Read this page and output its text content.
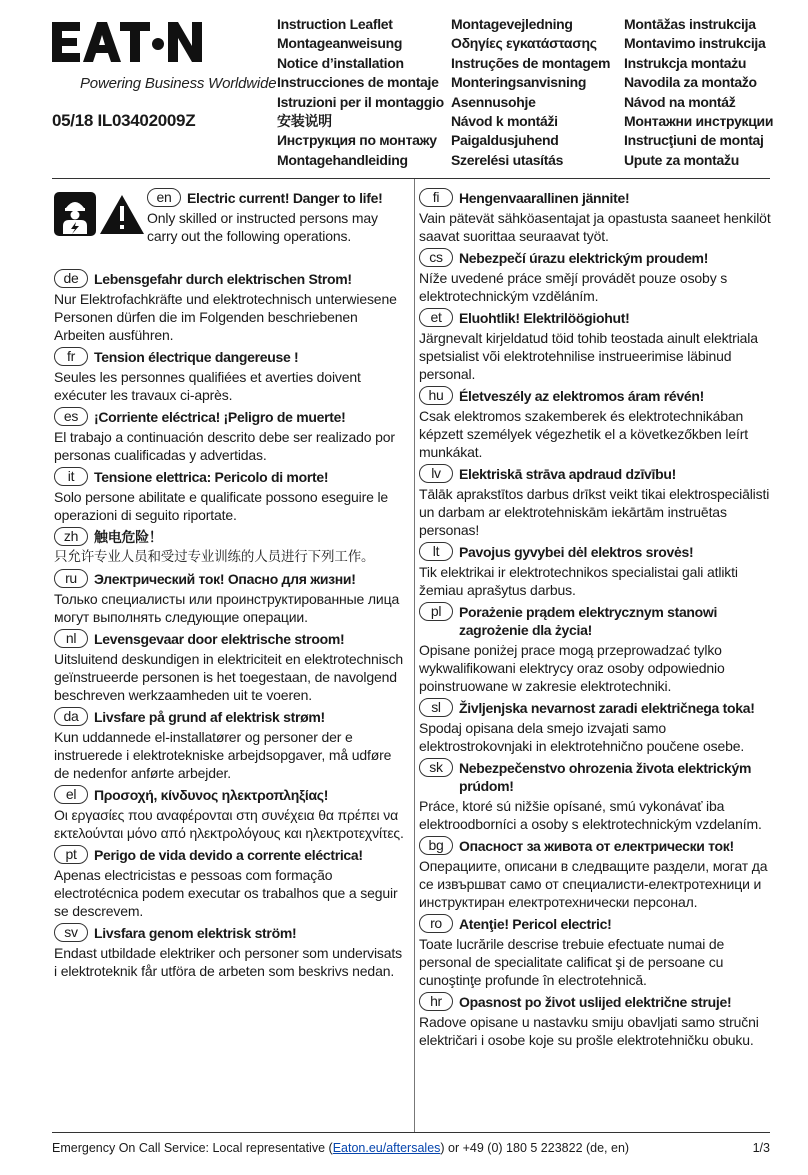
Powering Business Worldwide
05/18 IL03402009Z
Instruction Leaflet
Montageanweisung
Notice d’installation
Instrucciones de montaje
Istruzioni per il montaggio
安装说明
Инструкция по монтажу
Montagehandleiding
Montagevejledning
Οδηγίες εγκατάστασης
Instruções de montagem
Monteringsanvisning
Asennusohje
Návod k montáži
Paigaldusjuhend
Szerelési utasítás
Montāžas instrukcija
Montavimo instrukcija
Instrukcja montażu
Navodila za montažo
Návod na montáž
Монтажни инструкции
Instrucţiuni de montaj
Upute za montažu
en	Electric current! Danger to life!
Only skilled or instructed persons may carry out the following operations.
de	Lebensgefahr durch elektrischen Strom!
Nur Elektrofachkräfte und elektrotechnisch unterwiesene Personen dürfen die im Folgenden beschriebenen Arbeiten ausführen.
fr	Tension électrique dangereuse !
Seules les personnes qualifiées et averties doivent exécuter les travaux ci-après.
es	¡Corriente eléctrica! ¡Peligro de muerte!
El trabajo a continuación descrito debe ser realizado por personas cualificadas y advertidas.
it	Tensione elettrica: Pericolo di morte!
Solo persone abilitate e qualificate possono eseguire le operazioni di seguito riportate.
zh	触电危险！
只允许专业人员和受过专业训练的人员进行下列工作。
ru	Электрический ток! Опасно для жизни!
Только специалисты или проинструктированные лица могут выполнять следующие операции.
nl	Levensgevaar door elektrische stroom!
Uitsluitend deskundigen in elektriciteit en elektrotechnisch geïnstrueerde personen is het toegestaan, de navolgend beschreven werkzaamheden uit te voeren.
da	Livsfare på grund af elektrisk strøm!
Kun uddannede el-installatører og personer der e instruerede i elektrotekniske arbejdsopgaver, må udføre de nedenfor anførte arbejder.
el	Προσοχή, κίνδυνος ηλεκτροπληξίας!
Οι εργασίες που αναφέρονται στη συνέχεια θα πρέπει να εκτελούνται μόνο από ηλεκτρολόγους και ηλεκτροτεχνίτες.
pt	Perigo de vida devido a corrente eléctrica!
Apenas electricistas e pessoas com formação electrotécnica podem executar os trabalhos que a seguir se descrevem.
sv	Livsfara genom elektrisk ström!
Endast utbildade elektriker och personer som undervisats i elektroteknik får utföra de arbeten som beskrivs nedan.
fi	Hengenvaarallinen jännite!
Vain pätevät sähköasentajat ja opastusta saaneet henkilöt saavat suorittaa seuraavat työt.
cs	Nebezpečí úrazu elektrickým proudem!
Níže uvedené práce smějí provádět pouze osoby s elektrotechnickým vzděláním.
et	Eluohtlik! Elektrilöögiohut!
Järgnevalt kirjeldatud töid tohib teostada ainult elektriala spetsialist või elektrotehnilise instrueerimise läbinud personal.
hu	Életveszély az elektromos áram révén!
Csak elektromos szakemberek és elektrotechnikában képzett személyek végezhetik el a következőkben leírt munkákat.
lv	Elektriskā strāva apdraud dzīvību!
Tālāk aprakstītos darbus drīkst veikt tikai elektrospeciālisti un darbam ar elektrotehniskām iekārtām instruētas personas!
lt	Pavojus gyvybei dėl elektros srovės!
Tik elektrikai ir elektrotechnikos specialistai gali atlikti žemiau aprašytus darbus.
pl	Porażenie prądem elektrycznym stanowi zagrożenie dla życia!
Opisane poniżej prace mogą przeprowadzać tylko wykwalifikowani elektrycy oraz osoby odpowiednio poinstruowane w zakresie elektrotechniki.
sl	Življenjska nevarnost zaradi električnega toka!
Spodaj opisana dela smejo izvajati samo elektrostrokovnjaki in elektrotehnično poučene osebe.
sk	Nebezpečenstvo ohrozenia života elektrickým prúdom!
Práce, ktoré sú nižšie opísané, smú vykonávať iba elektroodborníci a osoby s elektrotechnickým vzdelaním.
bg	Опасност за живота от електрически ток!
Операциите, описани в следващите раздели, могат да се извършват само от специалисти-електротехници и инструктиран електротехнически персонал.
ro	Atenţie! Pericol electric!
Toate lucrările descrise trebuie efectuate numai de personal de specialitate calificat şi de persoane cu cunoştinţe profunde în electrotehnică.
hr	Opasnost po život uslijed električne struje!
Radove opisane u nastavku smiju obavljati samo stručni električari i osobe koje su prošle elektrotehničku obuku.
Emergency On Call Service: Local representative (Eaton.eu/aftersales) or +49 (0) 180 5 223822 (de, en)	1/3
